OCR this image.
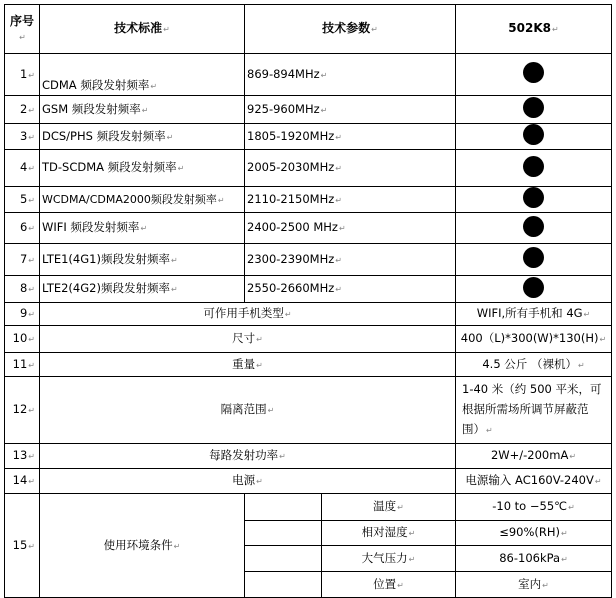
序号↵	技术标准↵	技术参数↵		502K8↵
1↵	CDMA 频段发射频率↵	869-894MHz↵		
2↵	GSM 频段发射频率↵	925-960MHz↵		
3↵	DCS/PHS 频段发射频率↵	1805-1920MHz↵		
4↵	TD-SCDMA 频段发射频率↵	2005-2030MHz↵		
5↵	WCDMA/CDMA2000频段发射频率↵	2110-2150MHz↵		
6↵	WIFI 频段发射频率↵	2400-2500 MHz↵		
7↵	LTE1(4G1)频段发射频率↵	2300-2390MHz↵		
8↵	LTE2(4G2)频段发射频率↵	2550-2660MHz↵		
9↵	可作用手机类型↵			WIFI,所有手机和 4G↵
10↵	尺寸↵			400（L)*300(W)*130(H)↵
11↵	重量↵			4.5 公斤 （裸机）↵
12↵	隔离范围↵			1-40 米（约 500 平米，可根据所需场所调节屏蔽范围）↵
13↵	每路发射功率↵			2W+/-200mA↵
14↵	电源↵			电源输入 AC160V-240V↵
15↵	使用环境条件↵		温度↵	-10 to −55℃↵
			相对湿度↵	≤90%(RH)↵
			大气压力↵	86-106kPa↵
			位置↵	室内↵
